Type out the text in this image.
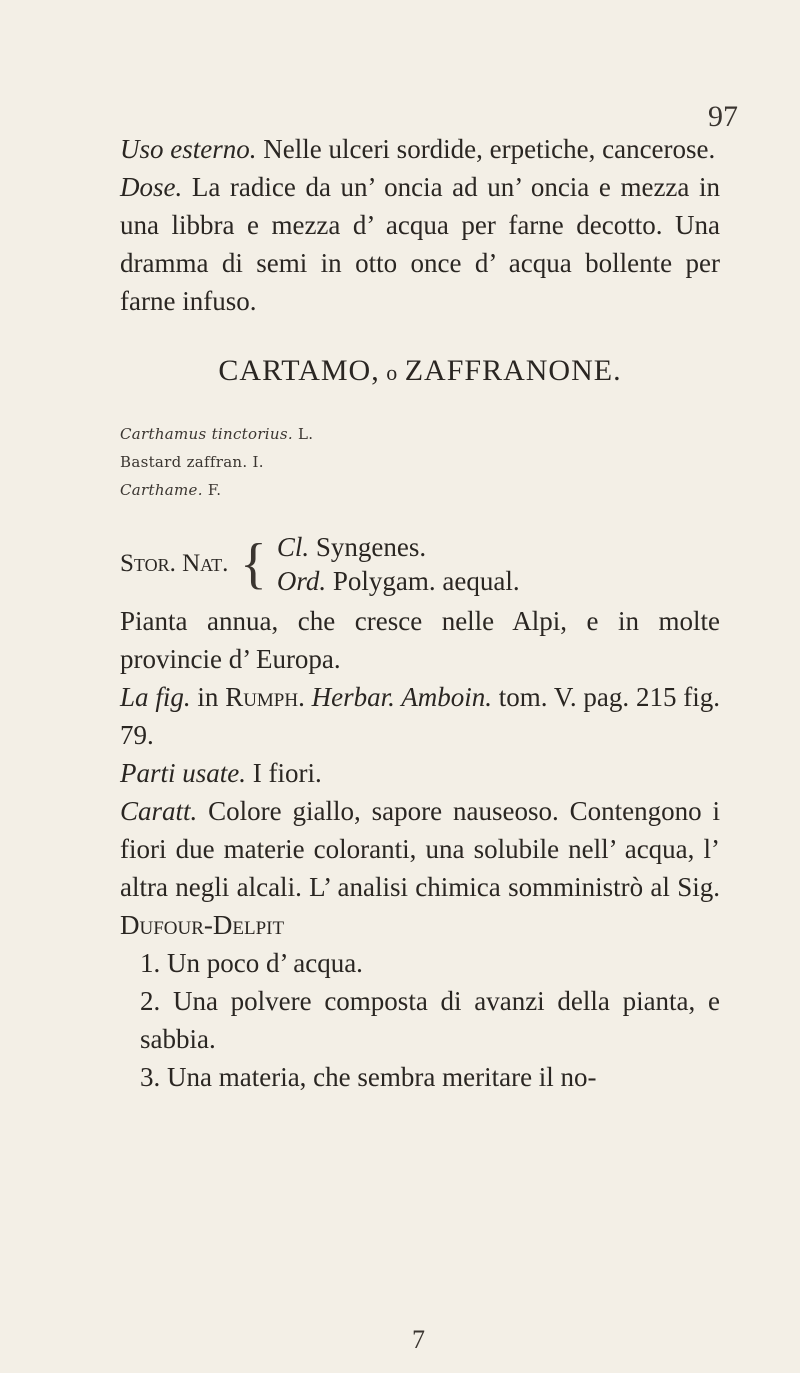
97

Uso esterno. Nelle ulceri sordide, erpetiche, cancerose.

Dose. La radice da un’ oncia ad un’ oncia e mezza in una libbra e mezza d’ acqua per farne decotto. Una dramma di semi in otto once d’ acqua bollente per farne infuso.

CARTAMO, o ZAFFRANONE.
Carthamus tinctorius. L.
Bastard zaffran. I.
Carthame. F.
Stor. Nat. { Cl. Syngenes.
Ord. Polygam. aequal.

Pianta annua, che cresce nelle Alpi, e in molte provincie d’ Europa.

La fig. in Rumph. Herbar. Amboin. tom. V. pag. 215 fig. 79.

Parti usate. I fiori.

Caratt. Colore giallo, sapore nauseoso. Contengono i fiori due materie coloranti, una solubile nell’ acqua, l’ altra negli alcali. L’ analisi chimica somministrò al Sig. Dufour-Delpit

1. Un poco d’ acqua.

2. Una polvere composta di avanzi della pianta, e sabbia.

3. Una materia, che sembra meritare il no-

7
